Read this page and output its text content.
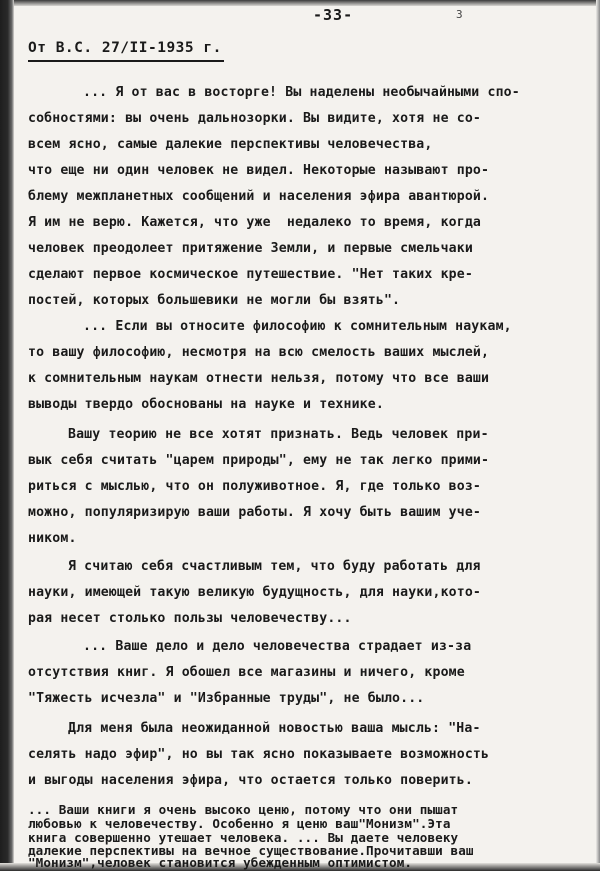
-33-	3
От В.С. 27/II-1935 г.
... Я от вас в восторге! Вы наделены необычайными спо-
собностями: вы очень дальнозорки. Вы видите, хотя не со-
всем ясно, самые далекие перспективы человечества,
что еще ни один человек не видел. Некоторые называют про-
блему межпланетных сообщений и населения эфира авантюрой.
Я им не верю. Кажется, что уже  недалеко то время, когда
человек преодолеет притяжение Земли, и первые смельчаки
сделают первое космическое путешествие. "Нет таких кре-
постей, которых большевики не могли бы взять".
... Если вы относите философию к сомнительным наукам,
то вашу философию, несмотря на всю смелость ваших мыслей,
к сомнительным наукам отнести нельзя, потому что все ваши
выводы твердо обоснованы на науке и технике.
Вашу теорию не все хотят признать. Ведь человек при-
вык себя считать "царем природы", ему не так легко прими-
риться с мыслью, что он полуживотное. Я, где только воз-
можно, популяризирую ваши работы. Я хочу быть вашим уче-
ником.
Я считаю себя счастливым тем, что буду работать для
науки, имеющей такую великую будущность, для науки,кото-
рая несет столько пользы человечеству...
... Ваше дело и дело человечества страдает из-за
отсутствия книг. Я обошел все магазины и ничего, кроме
"Тяжесть исчезла" и "Избранные труды", не было...
Для меня была неожиданной новостью ваша мысль: "На-
селять надо эфир", но вы так ясно показываете возможность
и выгоды населения эфира, что остается только поверить.
... Ваши книги я очень высоко ценю, потому что они пышат
любовью к человечеству. Особенно я ценю ваш"Монизм".Эта
книга совершенно утешает человека. ... Вы даете человеку
далекие перспективы на вечное существование.Прочитавши ваш
"Монизм",человек становится убежденным оптимистом.
